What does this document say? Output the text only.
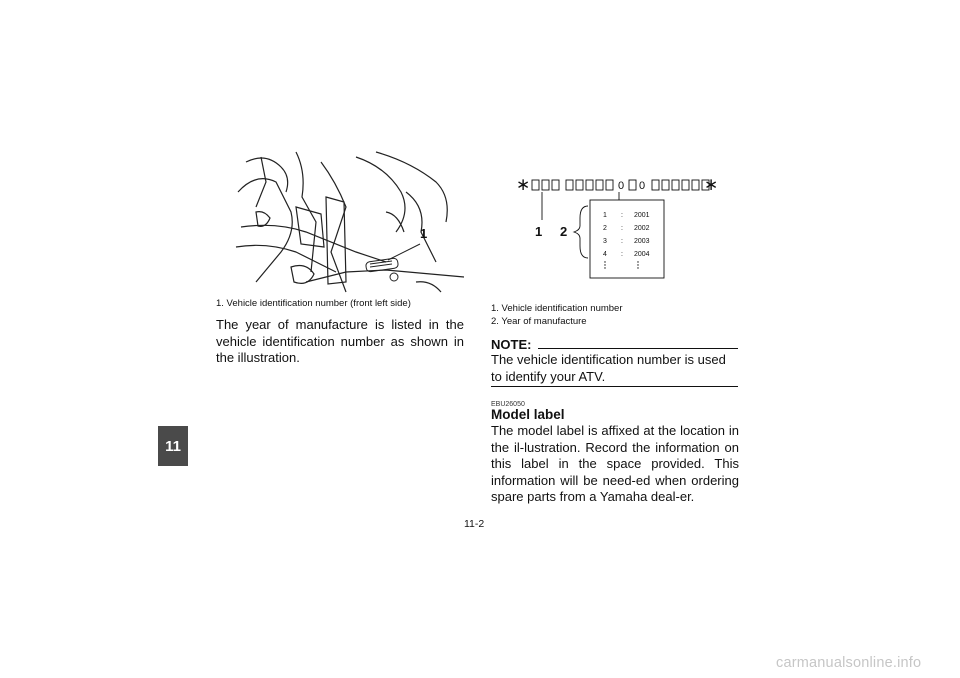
11
1
1. Vehicle identification number (front left side)

The year of manufacture is listed in the vehicle identification number as shown in the illustration.

∗	0 0	∗
1 2
1 : 2001
2 : 2002
3 : 2003
4 : 2004
1. Vehicle identification number
2. Year of manufacture
NOTE:

The vehicle identification number is used to identify your ATV.

EBU26050
Model label

The model label is affixed at the location in the il-lustration. Record the information on this label in the space provided. This information will be need-ed when ordering spare parts from a Yamaha deal-er.

11-2
carmanualsonline.info
